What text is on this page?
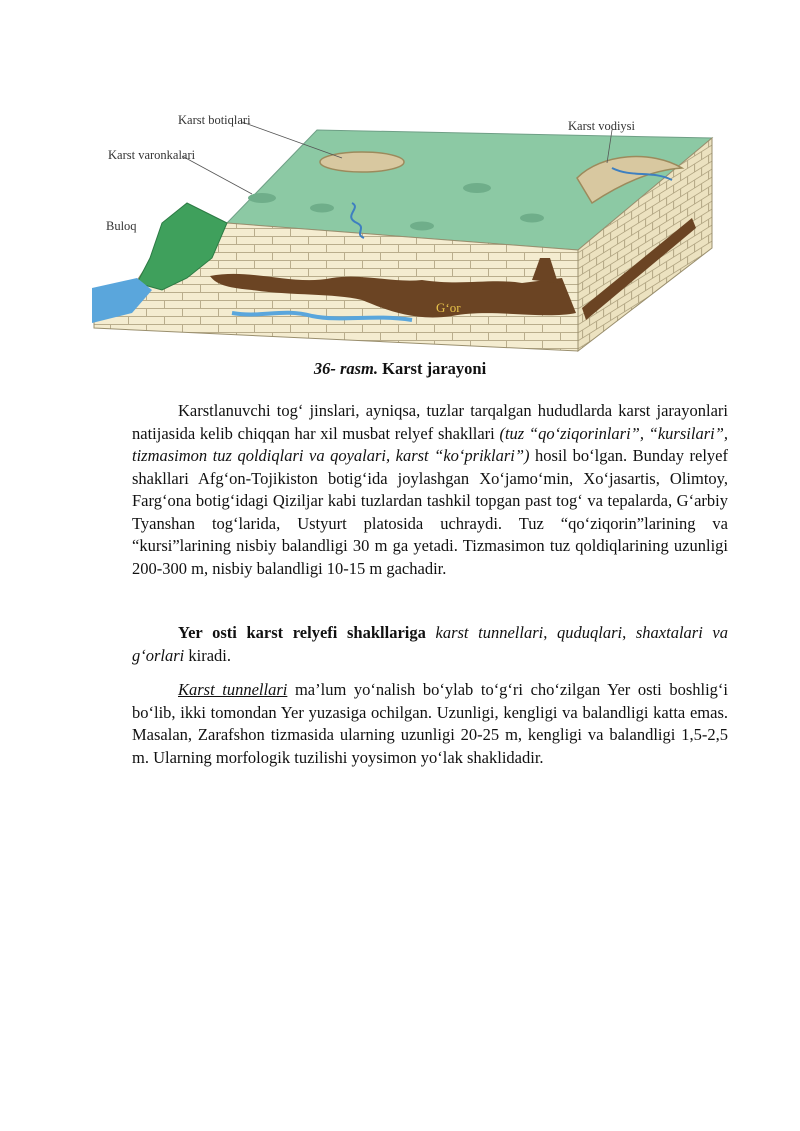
Karst botiqlari
Karst varonkalari
Karst vodiysi
Buloq
G‘or
36- rasm. Karst jarayoni

Karstlanuvchi tog‘ jinslari, ayniqsa, tuzlar tarqalgan hududlarda karst jarayonlari natijasida kelib chiqqan har xil musbat relyef shakllari (tuz “qo‘ziqorinlari”, “kursilari”, tizmasimon tuz qoldiqlari va qoyalari, karst “ko‘priklari”) hosil bo‘lgan. Bunday relyef shakllari Afg‘on-Tojikiston botig‘ida joylashgan Xo‘jamo‘min, Xo‘jasartis, Olimtoy, Farg‘ona botig‘idagi Qiziljar kabi tuzlardan tashkil topgan past tog‘ va tepalarda, G‘arbiy Tyanshan tog‘larida, Ustyurt platosida uchraydi. Tuz “qo‘ziqorin”larining va “kursi”larining nisbiy balandligi 30 m ga yetadi. Tizmasimon tuz qoldiqlarining uzunligi 200-300 m, nisbiy balandligi 10-15 m gachadir.

Yer osti karst relyefi shakllariga karst tunnellari, quduqlari, shaxtalari va g‘orlari kiradi.

Karst tunnellari ma’lum yo‘nalish bo‘ylab to‘g‘ri cho‘zilgan Yer osti boshlig‘i bo‘lib, ikki tomondan Yer yuzasiga ochilgan. Uzunligi, kengligi va balandligi katta emas. Masalan, Zarafshon tizmasida ularning uzunligi 20-25 m, kengligi va balandligi 1,5-2,5 m. Ularning morfologik tuzilishi yoysimon yo‘lak shaklidadir.
